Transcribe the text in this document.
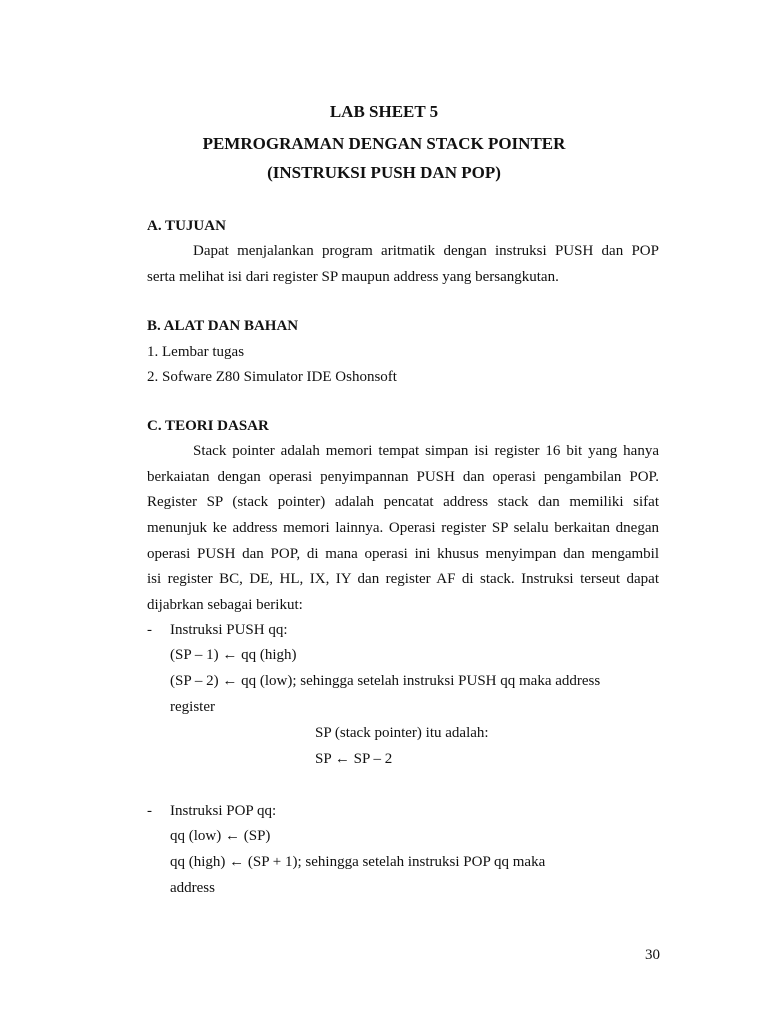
LAB SHEET 5
PEMROGRAMAN DENGAN STACK POINTER
(INSTRUKSI PUSH DAN POP)
A. TUJUAN
Dapat menjalankan program aritmatik dengan instruksi PUSH dan POP
serta melihat isi dari register SP maupun address yang bersangkutan.
B. ALAT DAN BAHAN
1. Lembar tugas
2. Sofware Z80 Simulator IDE Oshonsoft
C. TEORI DASAR
Stack pointer adalah memori tempat simpan isi register 16 bit yang hanya
berkaiatan dengan operasi penyimpannan PUSH dan operasi pengambilan POP.
Register SP (stack pointer) adalah pencatat address stack dan memiliki sifat
menunjuk ke address memori lainnya. Operasi register SP selalu berkaitan dnegan
operasi PUSH dan POP, di mana operasi ini khusus menyimpan dan mengambil
isi register BC, DE, HL, IX, IY dan register AF di stack. Instruksi terseut dapat
dijabrkan sebagai berikut:
- Instruksi PUSH qq:
(SP – 1) ← qq (high)
(SP – 2) ← qq (low); sehingga setelah instruksi PUSH qq maka address
register
SP (stack pointer) itu adalah:
SP ← SP – 2
- Instruksi POP qq:
qq (low) ← (SP)
qq (high) ← (SP + 1); sehingga setelah instruksi POP qq maka
address
30
